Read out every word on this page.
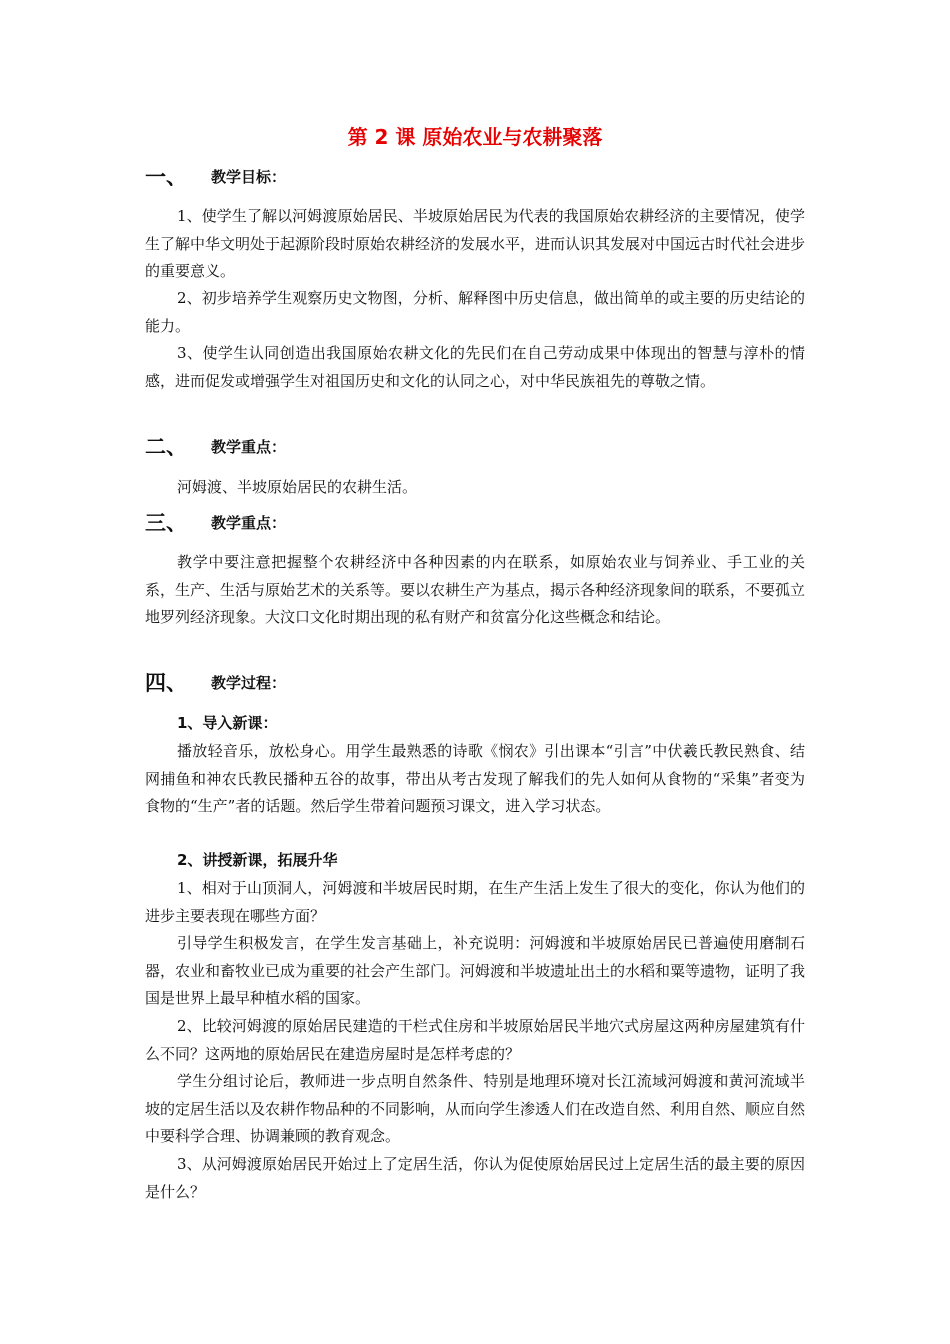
第 2 课 原始农业与农耕聚落
一、 教学目标：

1、使学生了解以河姆渡原始居民、半坡原始居民为代表的我国原始农耕经济的主要情况，使学生了解中华文明处于起源阶段时原始农耕经济的发展水平，进而认识其发展对中国远古时代社会进步的重要意义。

2、初步培养学生观察历史文物图，分析、解释图中历史信息，做出简单的或主要的历史结论的能力。

3、使学生认同创造出我国原始农耕文化的先民们在自己劳动成果中体现出的智慧与淳朴的情感，进而促发或增强学生对祖国历史和文化的认同之心，对中华民族祖先的尊敬之情。

二、 教学重点：

河姆渡、半坡原始居民的农耕生活。

三、 教学重点：

教学中要注意把握整个农耕经济中各种因素的内在联系，如原始农业与饲养业、手工业的关系，生产、生活与原始艺术的关系等。要以农耕生产为基点，揭示各种经济现象间的联系，不要孤立地罗列经济现象。大汶口文化时期出现的私有财产和贫富分化这些概念和结论。

四、 教学过程：
1、导入新课：

播放轻音乐，放松身心。用学生最熟悉的诗歌《悯农》引出课本“引言”中伏羲氏教民熟食、结网捕鱼和神农氏教民播种五谷的故事，带出从考古发现了解我们的先人如何从食物的“采集”者变为食物的“生产”者的话题。然后学生带着问题预习课文，进入学习状态。

2、讲授新课，拓展升华

1、相对于山顶洞人，河姆渡和半坡居民时期，在生产生活上发生了很大的变化，你认为他们的进步主要表现在哪些方面？

引导学生积极发言，在学生发言基础上，补充说明：河姆渡和半坡原始居民已普遍使用磨制石器，农业和畜牧业已成为重要的社会产生部门。河姆渡和半坡遗址出土的水稻和粟等遗物，证明了我国是世界上最早种植水稻的国家。

2、比较河姆渡的原始居民建造的干栏式住房和半坡原始居民半地穴式房屋这两种房屋建筑有什么不同？这两地的原始居民在建造房屋时是怎样考虑的？

学生分组讨论后，教师进一步点明自然条件、特别是地理环境对长江流域河姆渡和黄河流域半坡的定居生活以及农耕作物品种的不同影响，从而向学生渗透人们在改造自然、利用自然、顺应自然中要科学合理、协调兼顾的教育观念。

3、从河姆渡原始居民开始过上了定居生活，你认为促使原始居民过上定居生活的最主要的原因是什么？
